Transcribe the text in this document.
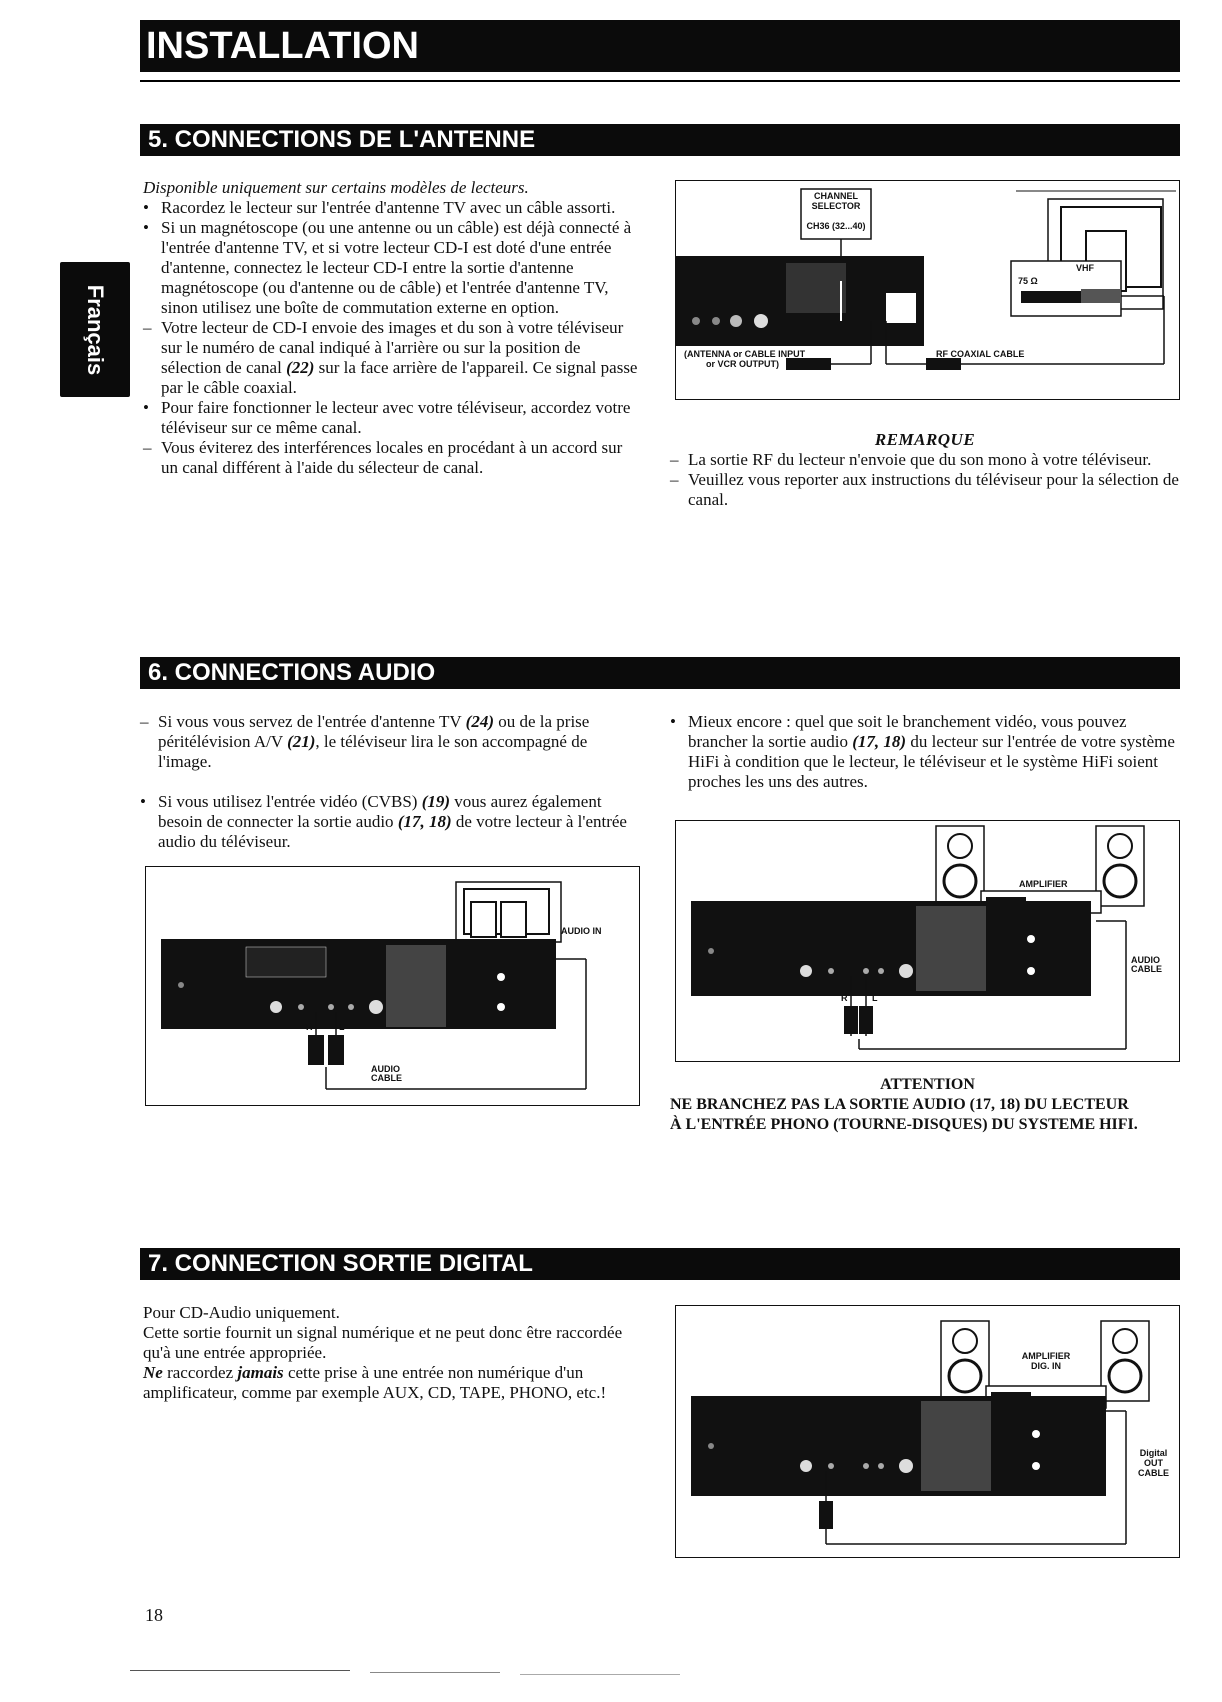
INSTALLATION
Français
5. CONNECTIONS DE L'ANTENNE

Disponible uniquement sur certains modèles de lecteurs.

• Racordez le lecteur sur l'entrée d'antenne TV avec un câble assorti.
• Si un magnétoscope (ou une antenne ou un câble) est déjà connecté à l'entrée d'antenne TV, et si votre lecteur CD-I est doté d'une entrée d'antenne, connectez le lecteur CD-I entre la sortie d'antenne magnétoscope (ou d'antenne ou de câble) et l'entrée d'antenne TV, sinon utilisez une boîte de commutation externe en option.
– Votre lecteur de CD-I envoie des images et du son à votre téléviseur sur le numéro de canal indiqué à l'arrière ou sur la position de sélection de canal (22) sur la face arrière de l'appareil. Ce signal passe par le câble coaxial.
• Pour faire fonctionner le lecteur avec votre téléviseur, accordez votre téléviseur sur ce même canal.
– Vous éviterez des interférences locales en procédant à un accord sur un canal différent à l'aide du sélecteur de canal.
CHANNEL SELECTOR
CH36 (32...40)
VHF
75 Ω
(ANTENNA or CABLE INPUT
or VCR OUTPUT)
RF COAXIAL CABLE

REMARQUE

– La sortie RF du lecteur n'envoie que du son mono à votre téléviseur.
– Veuillez vous reporter aux instructions du téléviseur pour la sélection de canal.
6. CONNECTIONS AUDIO
– Si vous vous servez de l'entrée d'antenne TV (24) ou de la prise péritélévision A/V (21), le téléviseur lira le son accompagné de l'image.
• Si vous utilisez l'entrée vidéo (CVBS) (19) vous aurez également besoin de connecter la sortie audio (17, 18) de votre lecteur à l'entrée audio du téléviseur.
• Mieux encore : quel que soit le branchement vidéo, vous pouvez brancher la sortie audio (17, 18) du lecteur sur l'entrée de votre système HiFi à condition que le lecteur, le téléviseur et le système HiFi soient proches les uns des autres.
AUDIO IN
R	L
AUDIO CABLE
AMPLIFIER
R	L
AUDIO CABLE

ATTENTION

NE BRANCHEZ PAS LA SORTIE AUDIO (17, 18) DU LECTEUR

À L'ENTRÉE PHONO (TOURNE-DISQUES) DU SYSTEME HIFI.

7. CONNECTION SORTIE DIGITAL

Pour CD-Audio uniquement.

Cette sortie fournit un signal numérique et ne peut donc être raccordée qu'à une entrée appropriée.

Ne raccordez jamais cette prise à une entrée non numérique d'un amplificateur, comme par exemple AUX, CD, TAPE, PHONO, etc.!

AMPLIFIER
DIG. IN
Digital
OUT
CABLE
18
